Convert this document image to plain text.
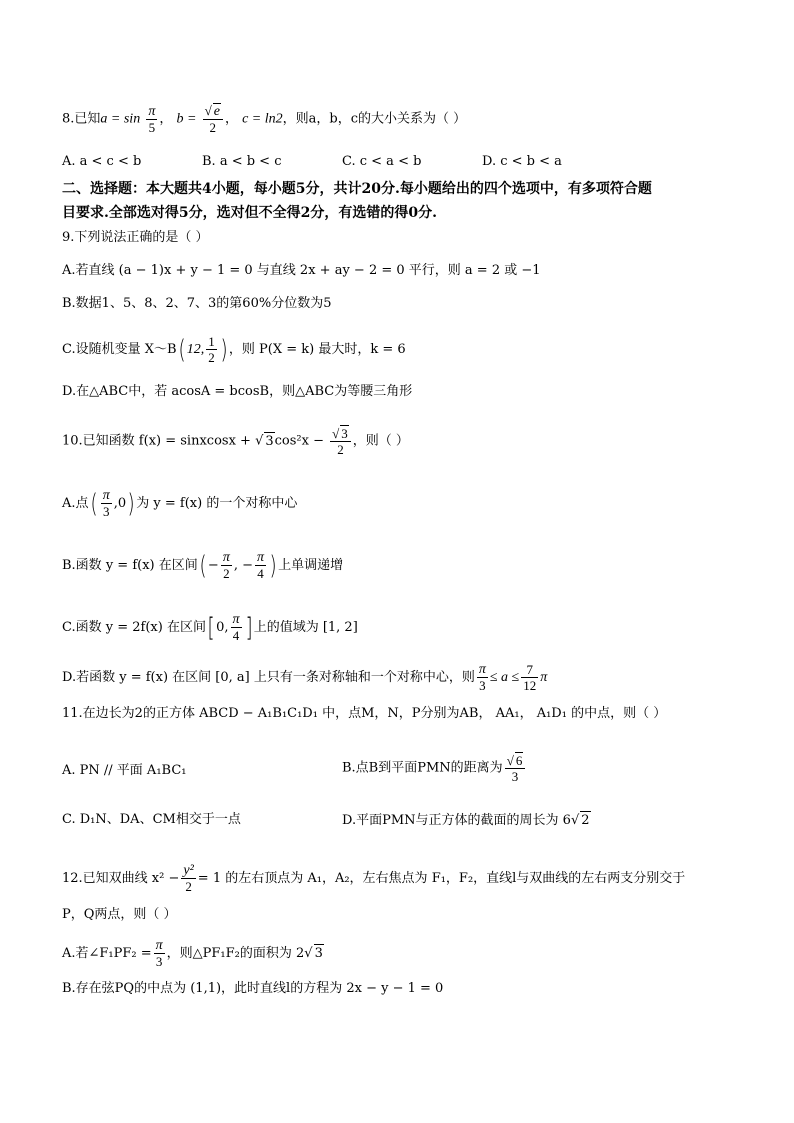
8.已知$a = \sin \frac{\pi}{5}$ ， $b = \frac{√ e}{2}$ ， c = ln2，则a，b，c的大小关系为（ ）
A. a < c < b	B. a < b < c	C. c < a < b	D. c < b < a
二、选择题：本大题共4小题，每小题5分，共计20分.每小题给出的四个选项中，有多项符合题
目要求.全部选对得5分，选对但不全得2分，有选错的得0分.
9.下列说法正确的是（ ）
A.若直线 (a − 1)x + y − 1 = 0 与直线 2x + ay − 2 = 0 平行，则 a = 2 或 −1
B.数据1、5、8、2、7、3的第60%分位数为5
C.设随机变量 X～B( 12, $\frac{1}{2}$ ) ，则 P(X = k) 最大时，k = 6
D.在△ABC中，若 acosA = bcosB，则△ABC为等腰三角形
10.已知函数 f(x) = sinxcosx + √ $3\cos^2x - \frac{√ 3}{2}$ ，则（ ）
A.点( $\frac{\pi}{3} ,0$) 为 y = f(x) 的一个对称中心
B.函数 y = f(x) 在区间( − $\frac{\pi}{2}$ , − $\frac{\pi}{4}$ ) 上单调递增
C.函数 y = 2f(x) 在区间[ 0, $\frac{\pi}{4}$ ] 上的值域为 [1, 2]
D.若函数 y = f(x) 在区间 [0, a] 上只有一条对称轴和一个对称中心，则 $\frac{\pi}{3} \le a \le \frac{7}{12}$ π
11.在边长为2的正方体 ABCD − A₁B₁C₁D₁ 中，点M，N，P分别为AB， AA₁， A₁D₁ 的中点，则（ ）
A. PN // 平面 A₁BC₁	B.点B到平面PMN的距离为 $\frac{√ 6}{3}$
C. D₁N、DA、CM相交于一点	D.平面PMN与正方体的截面的周长为 6√ 2
12.已知双曲线 $x^2 - \frac{\text{y²}}{2} = 1$ 的左右顶点为 A₁，A₂，左右焦点为 F₁，F₂，直线l与双曲线的左右两支分别交于
P，Q两点，则（ ）
A.若∠F₁PF₂ = $\frac{\pi}{3}$ ，则△PF₁F₂的面积为 2√ 3
B.存在弦PQ的中点为 (1,1)，此时直线l的方程为 2x − y − 1 = 0
